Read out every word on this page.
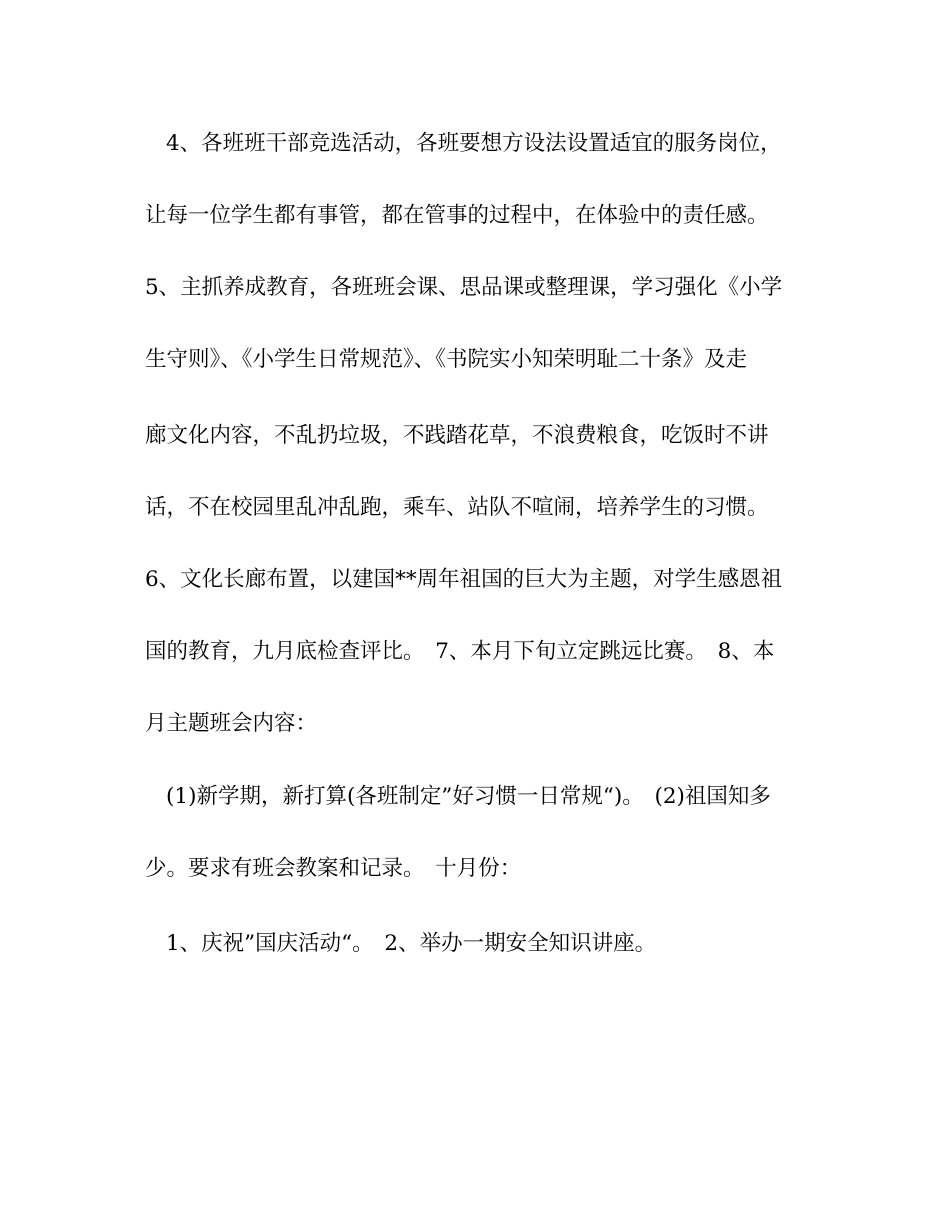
4、各班班干部竞选活动，各班要想方设法设置适宜的服务岗位，
让每一位学生都有事管，都在管事的过程中，在体验中的责任感。
5、主抓养成教育，各班班会课、思品课或整理课，学习强化《小学
生守则》、《小学生日常规范》、《书院实小知荣明耻二十条》及走
廊文化内容，不乱扔垃圾，不践踏花草，不浪费粮食，吃饭时不讲
话，不在校园里乱冲乱跑，乘车、站队不喧闹，培养学生的习惯。
6、文化长廊布置，以建国**周年祖国的巨大为主题，对学生感恩祖
国的教育，九月底检查评比。　7、本月下旬立定跳远比赛。　8、本
月主题班会内容：
(1)新学期，新打算(各班制定”好习惯一日常规“)。　(2)祖国知多
少。要求有班会教案和记录。　十月份：
1、庆祝”国庆活动“。　2、举办一期安全知识讲座。
